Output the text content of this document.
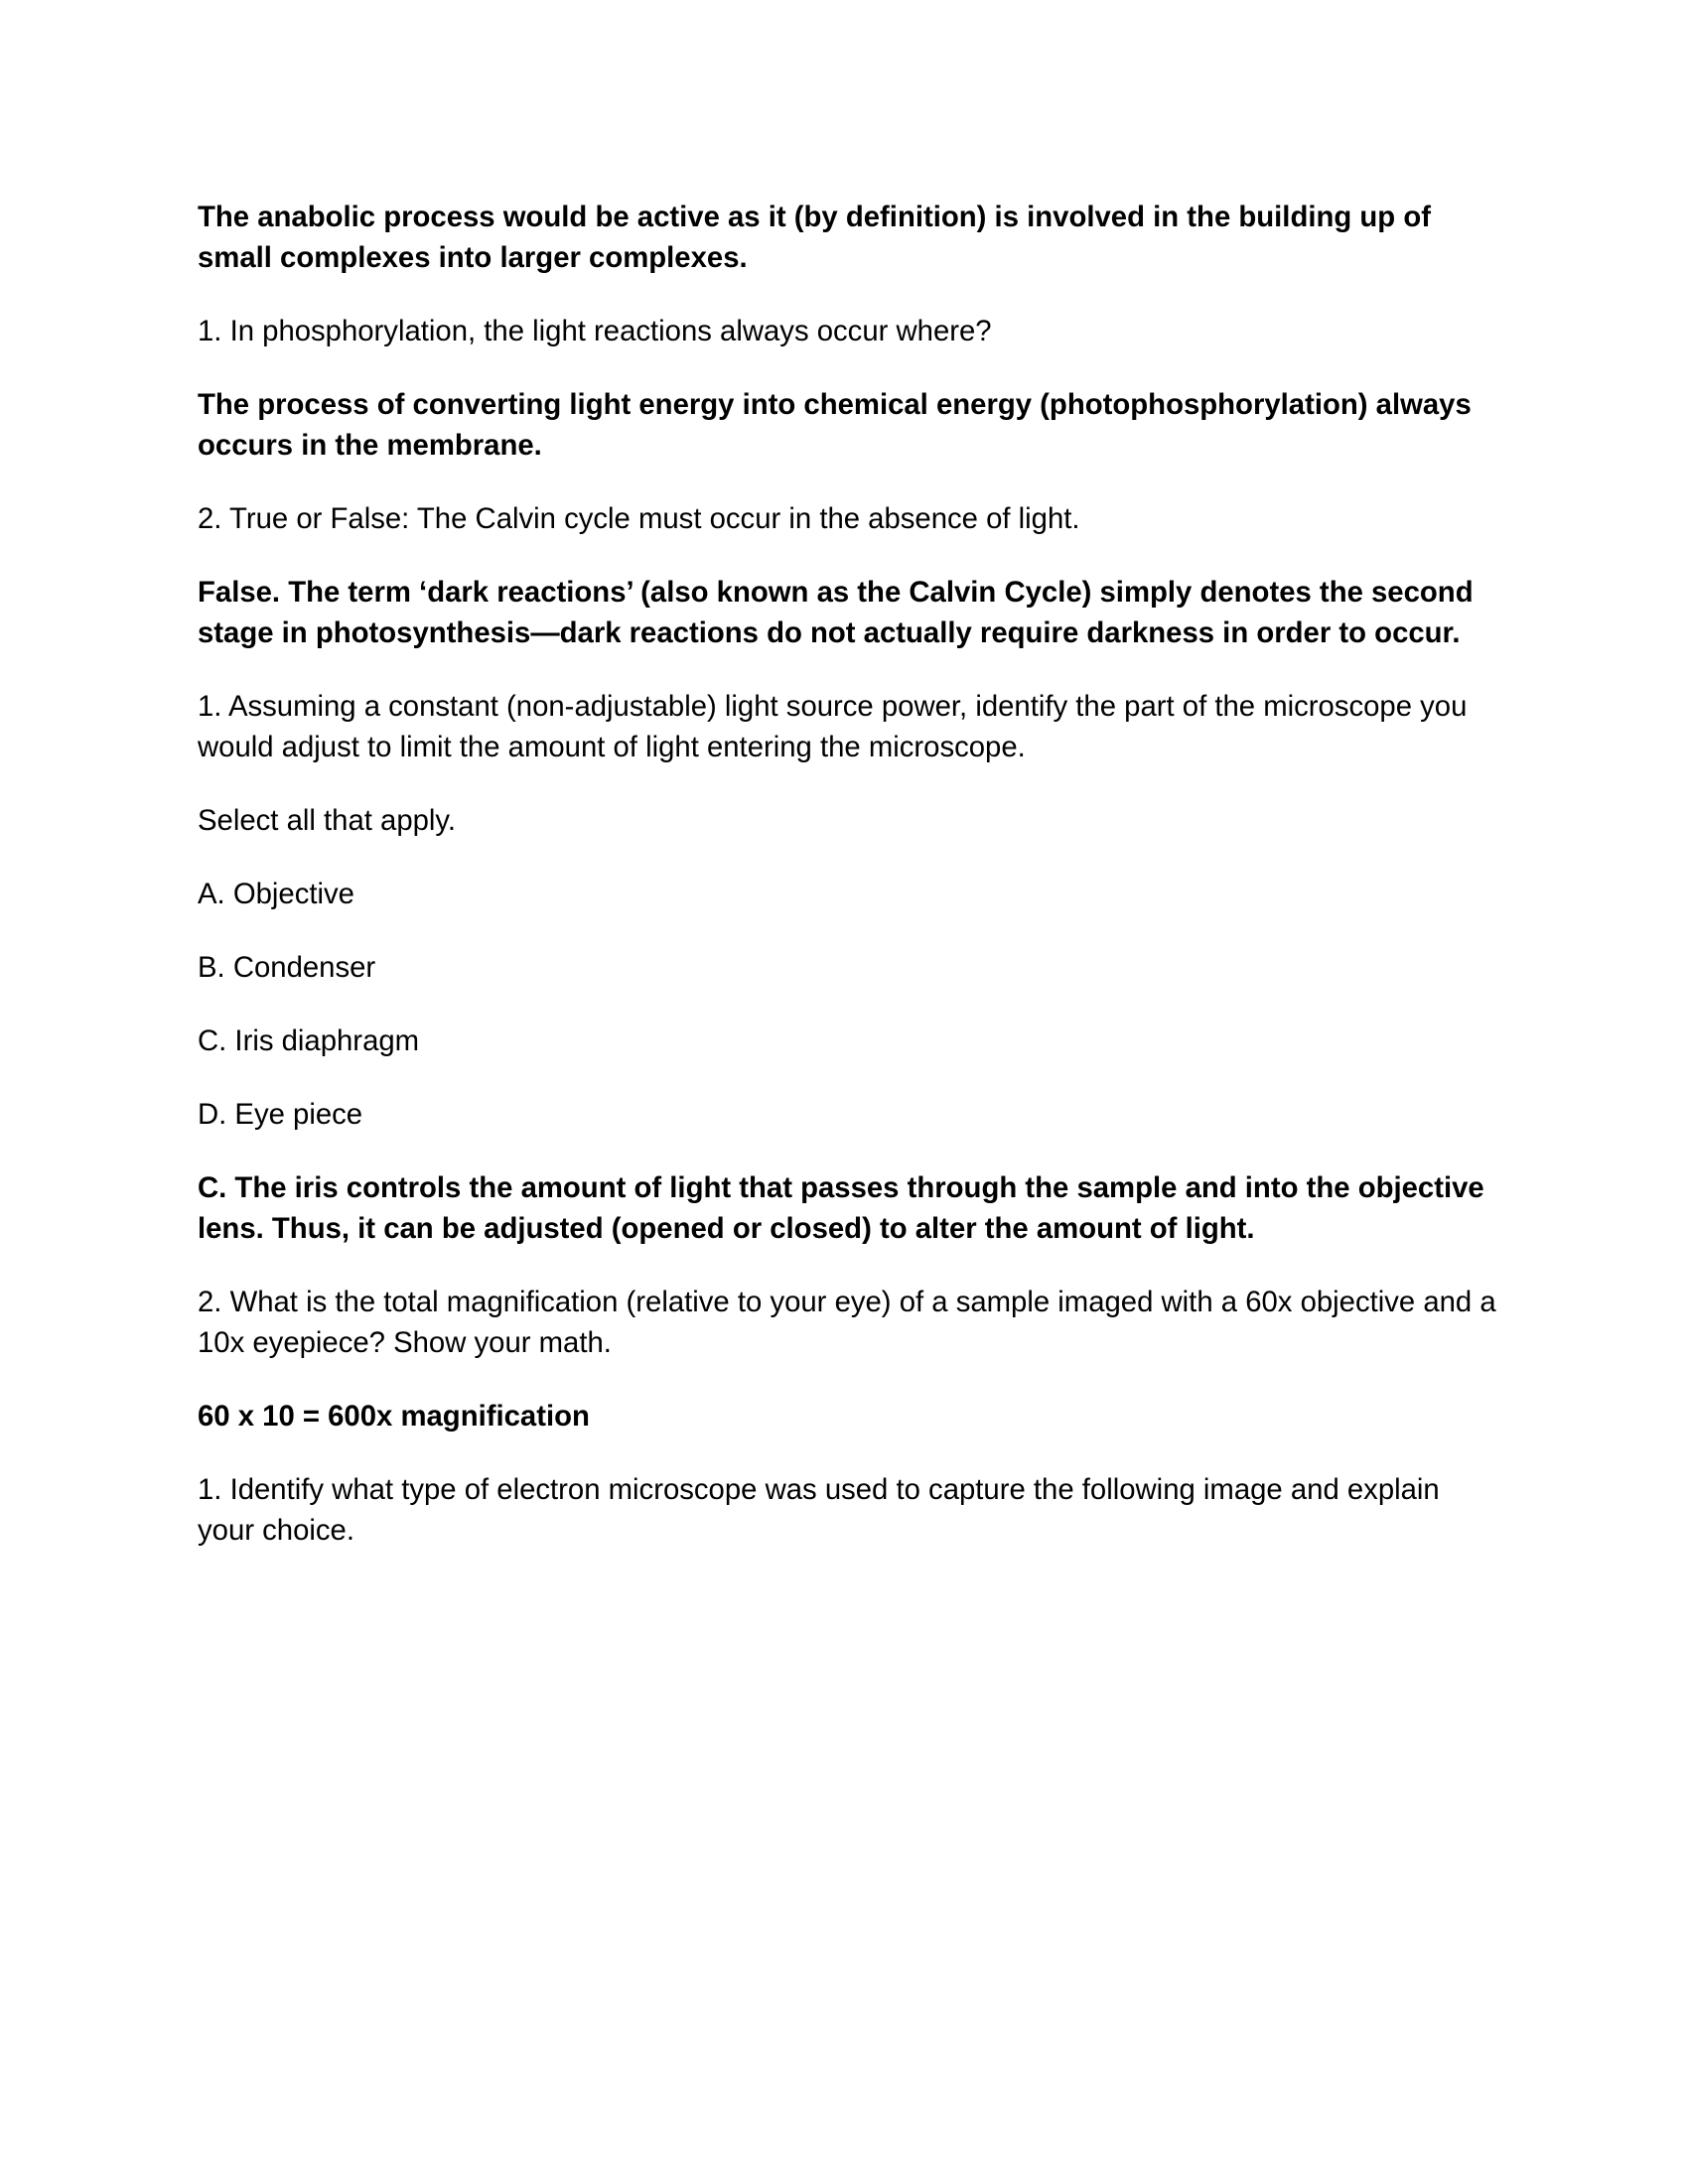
The anabolic process would be active as it (by definition) is involved in the building up of small complexes into larger complexes.

1. In phosphorylation, the light reactions always occur where?

The process of converting light energy into chemical energy (photophosphorylation) always occurs in the membrane.

2. True or False: The Calvin cycle must occur in the absence of light.

False. The term ‘dark reactions’ (also known as the Calvin Cycle) simply denotes the second stage in photosynthesis—dark reactions do not actually require darkness in order to occur.

1. Assuming a constant (non-adjustable) light source power, identify the part of the microscope you would adjust to limit the amount of light entering the microscope.

Select all that apply.

A. Objective

B. Condenser

C. Iris diaphragm

D. Eye piece

C. The iris controls the amount of light that passes through the sample and into the objective lens. Thus, it can be adjusted (opened or closed) to alter the amount of light.

2. What is the total magnification (relative to your eye) of a sample imaged with a 60x objective and a 10x eyepiece? Show your math.

60 x 10 = 600x magnification

1. Identify what type of electron microscope was used to capture the following image and explain your choice.
